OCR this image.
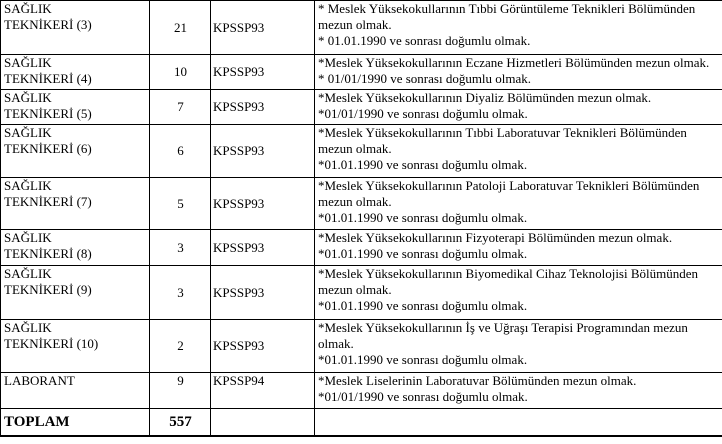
SAĞLIK
TEKNİKERİ (3)	21	KPSSP93	* Meslek Yüksekokullarının Tıbbi Görüntüleme Teknikleri Bölümünden
mezun olmak.
* 01.01.1990 ve sonrası doğumlu olmak.

SAĞLIK
TEKNİKERİ (4)	10	KPSSP93	*Meslek Yüksekokullarının Eczane Hizmetleri Bölümünden mezun olmak.
* 01/01/1990 ve sonrası doğumlu olmak.

SAĞLIK
TEKNİKERİ (5)	7	KPSSP93	*Meslek Yüksekokullarının Diyaliz Bölümünden mezun olmak.
*01/01/1990 ve sonrası doğumlu olmak.

SAĞLIK
TEKNİKERİ (6)	6	KPSSP93	*Meslek Yüksekokullarının Tıbbi Laboratuvar Teknikleri Bölümünden
mezun olmak.
*01.01.1990 ve sonrası doğumlu olmak.

SAĞLIK
TEKNİKERİ (7)	5	KPSSP93	*Meslek Yüksekokullarının Patoloji Laboratuvar Teknikleri Bölümünden
mezun olmak.
*01.01.1990 ve sonrası doğumlu olmak.

SAĞLIK
TEKNİKERİ (8)	3	KPSSP93	*Meslek Yüksekokullarının Fizyoterapi Bölümünden mezun olmak.
*01.01.1990 ve sonrası doğumlu olmak.

SAĞLIK
TEKNİKERİ (9)	3	KPSSP93	*Meslek Yüksekokullarının Biyomedikal Cihaz Teknolojisi Bölümünden
mezun olmak.
*01.01.1990 ve sonrası doğumlu olmak.

SAĞLIK
TEKNİKERİ (10)	2	KPSSP93	*Meslek Yüksekokullarının İş ve Uğraşı Terapisi Programından mezun
olmak.
*01.01.1990 ve sonrası doğumlu olmak.

LABORANT	9	KPSSP94	*Meslek Liselerinin Laboratuvar Bölümünden mezun olmak.
*01/01/1990 ve sonrası doğumlu olmak.

TOPLAM	557		
